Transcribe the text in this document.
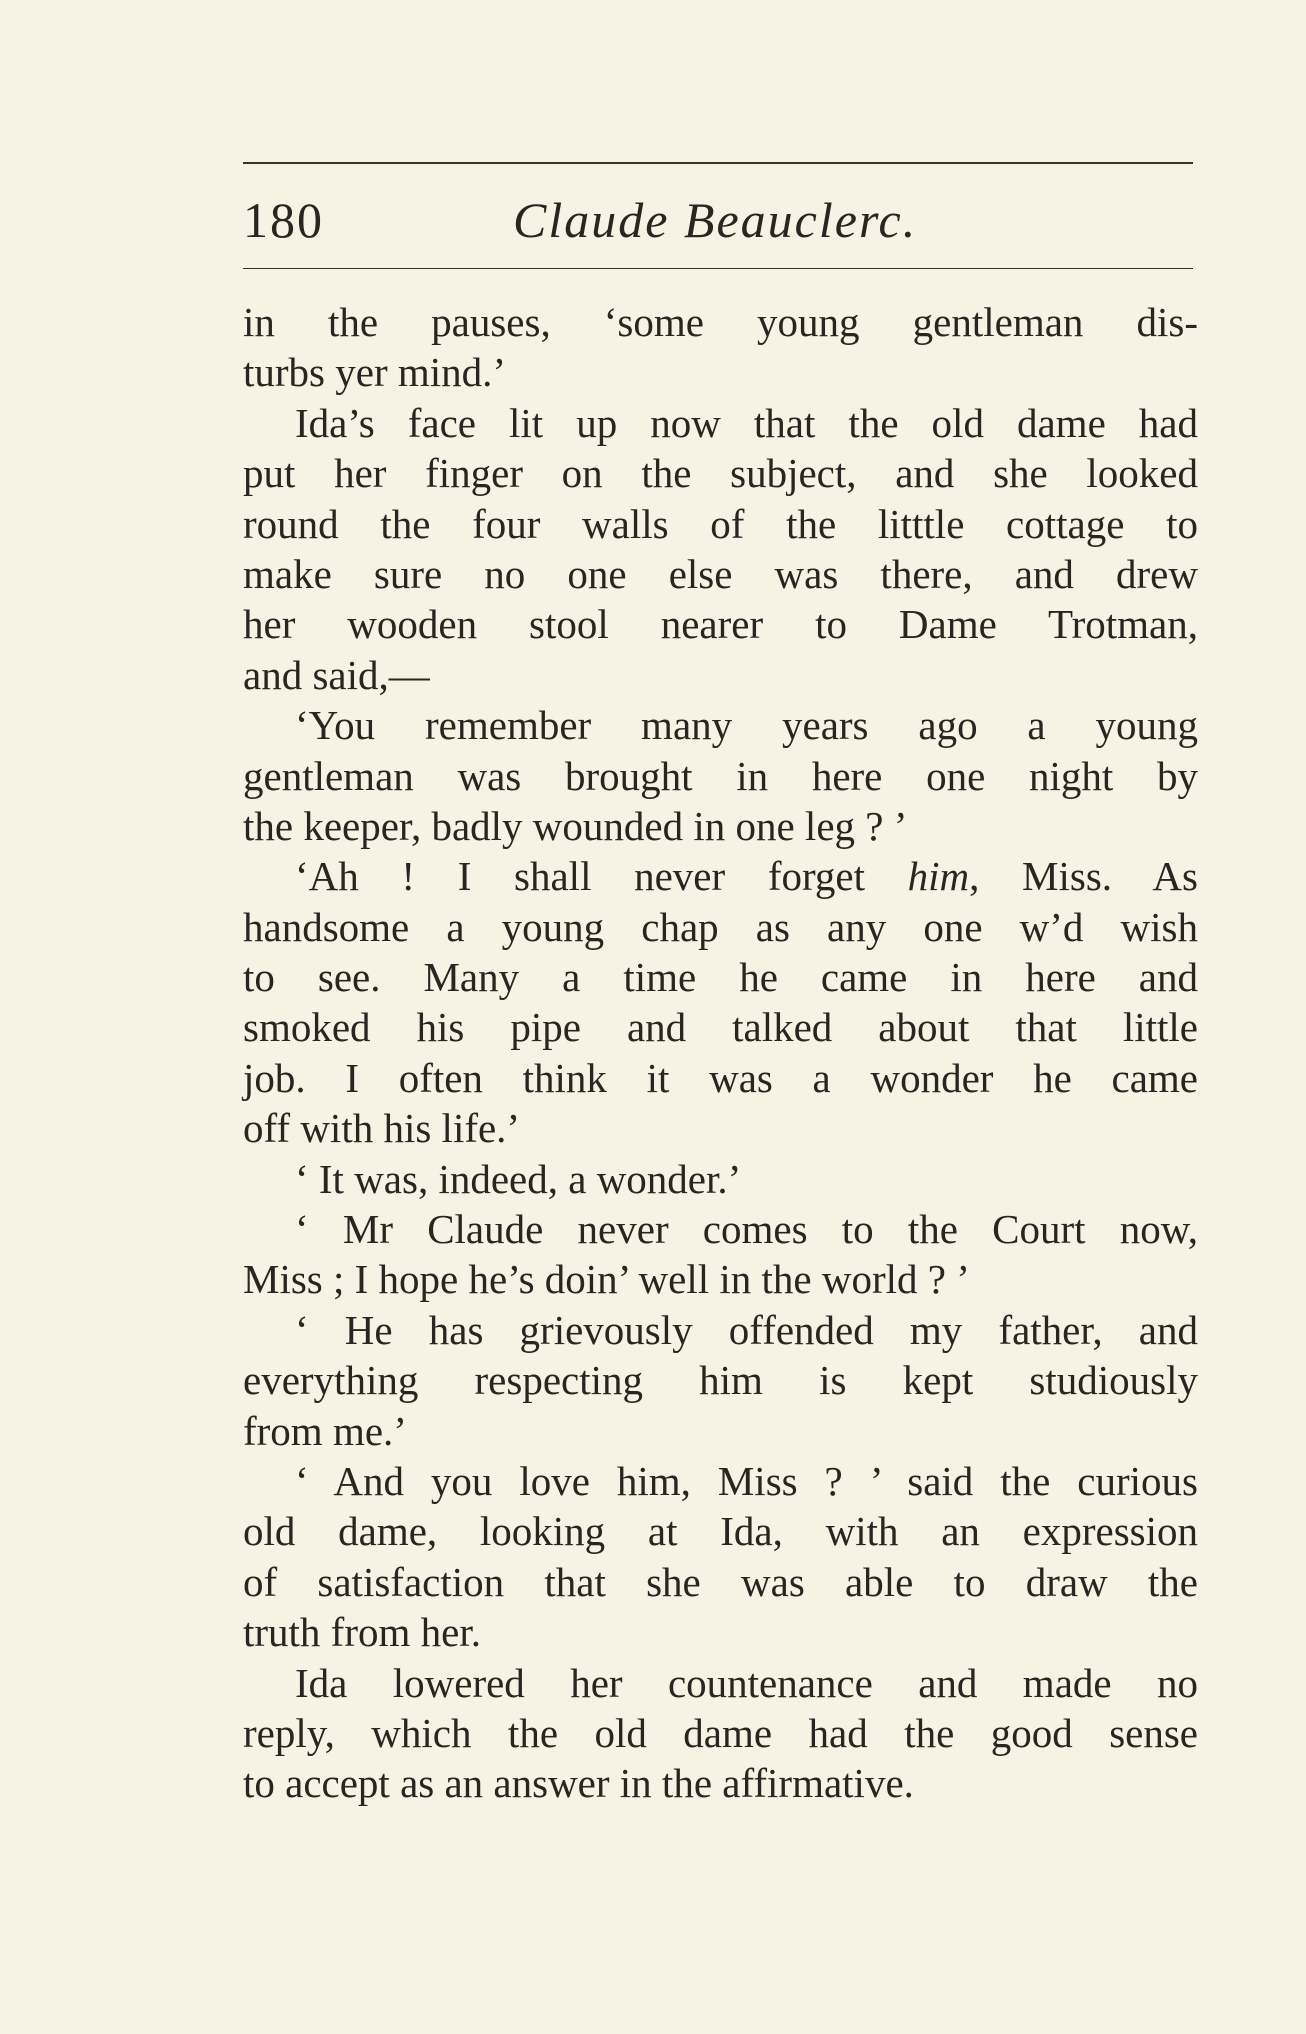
180	Claude Beauclerc.
in the pauses, ‘some young gentleman dis-
turbs yer mind.’
Ida’s face lit up now that the old dame had
put her finger on the subject, and she looked
round the four walls of the litttle cottage to
make sure no one else was there, and drew
her wooden stool nearer to Dame Trotman,
and said,—
‘You remember many years ago a young
gentleman was brought in here one night by
the keeper, badly wounded in one leg ? ’
‘Ah ! I shall never forget him, Miss. As
handsome a young chap as any one w’d wish
to see. Many a time he came in here and
smoked his pipe and talked about that little
job. I often think it was a wonder he came
off with his life.’
‘ It was, indeed, a wonder.’
‘ Mr Claude never comes to the Court now,
Miss ; I hope he’s doin’ well in the world ? ’
‘ He has grievously offended my father, and
everything respecting him is kept studiously
from me.’
‘ And you love him, Miss ? ’ said the curious
old dame, looking at Ida, with an expression
of satisfaction that she was able to draw the
truth from her.
Ida lowered her countenance and made no
reply, which the old dame had the good sense
to accept as an answer in the affirmative.
